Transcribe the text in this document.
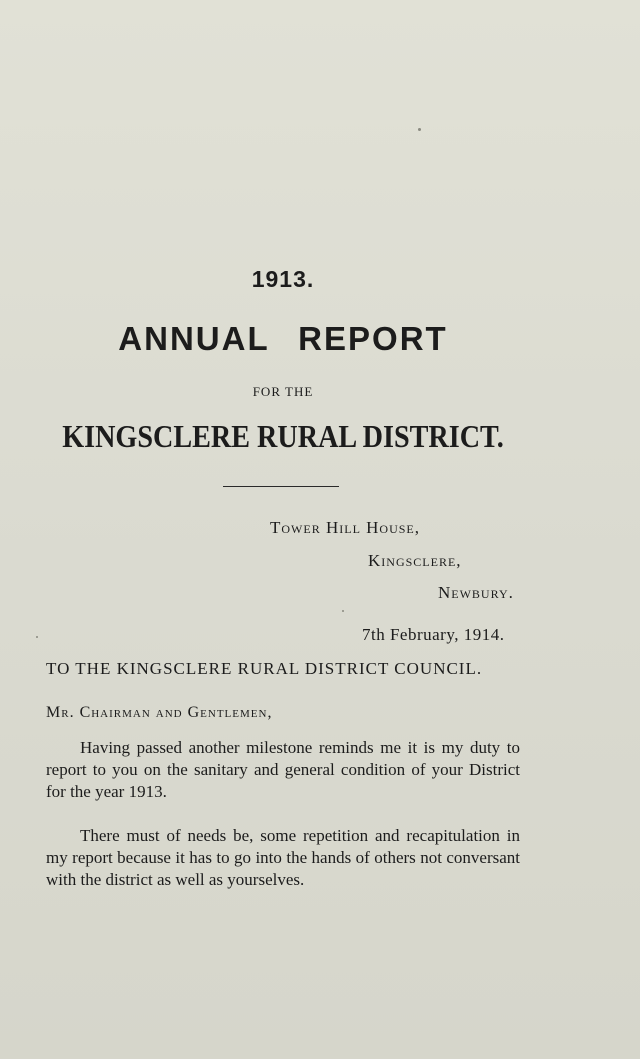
1913.
ANNUAL REPORT
FOR THE
KINGSCLERE RURAL DISTRICT.
Tower Hill House,
Kingsclere,
Newbury.
7th February, 1914.
TO THE KINGSCLERE RURAL DISTRICT COUNCIL.
Mr. Chairman and Gentlemen,
Having passed another milestone reminds me it is my duty to report to you on the sanitary and general condition of your District for the year 1913.
There must of needs be, some repetition and recapitulation in my report because it has to go into the hands of others not conversant with the district as well as yourselves.
